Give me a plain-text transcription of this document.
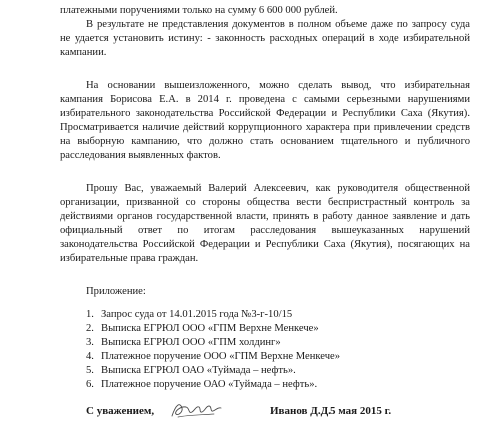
платежными поручениями только на сумму 6 600 000 рублей.
В результате не представления документов в полном объеме даже по запросу суда
не удается установить истину: - законность расходных операций в ходе избирательной
кампании.
На основании вышеизложенного, можно сделать вывод, что избирательная
кампания Борисова Е.А. в 2014 г. проведена с самыми серьезными нарушениями
избирательного законодательства Российской Федерации и Республики Саха (Якутия).
Просматривается наличие действий коррупционного характера при привлечении средств
на выборную кампанию, что должно стать основанием тщательного и публичного
расследования выявленных фактов.
Прошу Вас, уважаемый Валерий Алексеевич, как руководителя общественной
организации, призванной со стороны общества вести беспристрастный контроль за
действиями органов государственной власти, принять в работу данное заявление и дать
официальный ответ по итогам расследования вышеуказанных нарушений
законодательства Российской Федерации и Республики Саха (Якутия), посягающих на
избирательные права граждан.
Приложение:
1. Запрос суда от 14.01.2015 года №3-г-10/15
2. Выписка ЕГРЮЛ ООО «ГПМ Верхне Менкече»
3. Выписка ЕГРЮЛ ООО «ГПМ холдинг»
4. Платежное поручение ООО «ГПМ Верхне Менкече»
5. Выписка ЕГРЮЛ ОАО «Туймада – нефть».
6. Платежное поручение ОАО «Туймада – нефть».
С уважением,	Иванов Д.Д. 5 мая 2015 г.
